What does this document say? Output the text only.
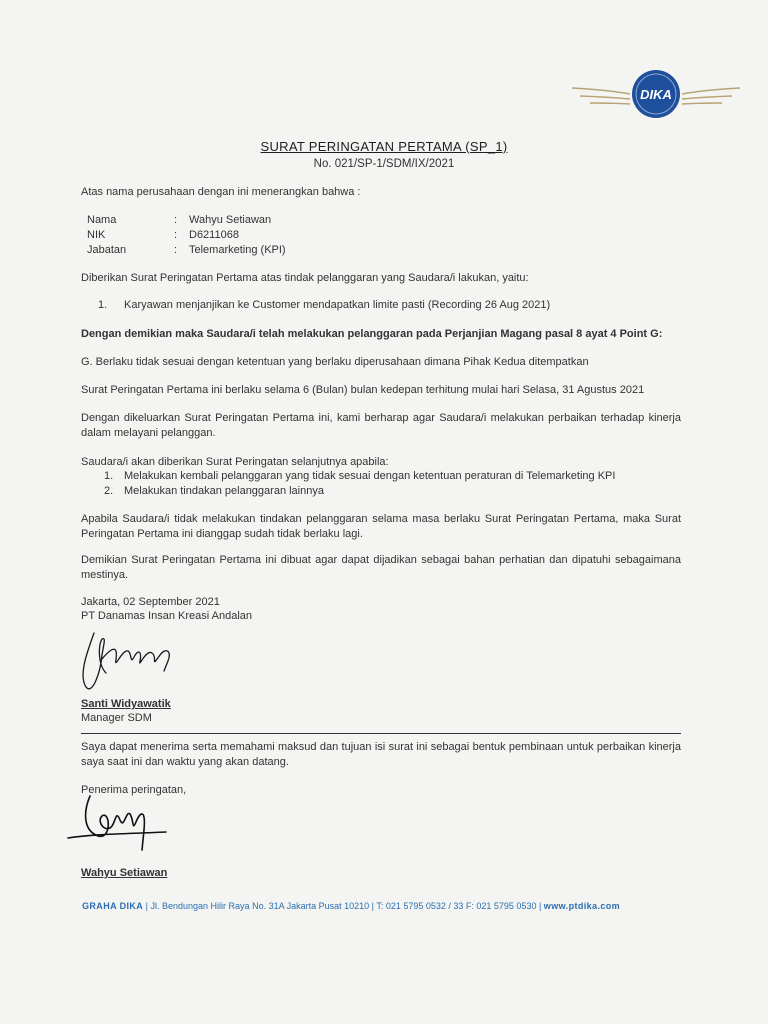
DIKA
SURAT PERINGATAN PERTAMA (SP_1)
No. 021/SP-1/SDM/IX/2021
Atas nama perusahaan dengan ini menerangkan bahwa :
Nama	: Wahyu Setiawan
NIK	: D6211068
Jabatan	: Telemarketing (KPI)
Diberikan Surat Peringatan Pertama atas tindak pelanggaran yang Saudara/i lakukan, yaitu:
1. Karyawan menjanjikan ke Customer mendapatkan limite pasti (Recording 26 Aug 2021)
Dengan demikian maka Saudara/i telah melakukan pelanggaran pada Perjanjian Magang pasal 8 ayat 4 Point G:
G. Berlaku tidak sesuai dengan ketentuan yang berlaku diperusahaan dimana Pihak Kedua ditempatkan
Surat Peringatan Pertama ini berlaku selama 6 (Bulan) bulan kedepan terhitung mulai hari Selasa, 31 Agustus 2021
Dengan dikeluarkan Surat Peringatan Pertama ini, kami berharap agar Saudara/i melakukan perbaikan terhadap kinerja dalam melayani pelanggan.
Saudara/i akan diberikan Surat Peringatan selanjutnya apabila:
1. Melakukan kembali pelanggaran yang tidak sesuai dengan ketentuan peraturan di Telemarketing KPI
2. Melakukan tindakan pelanggaran lainnya
Apabila Saudara/i tidak melakukan tindakan pelanggaran selama masa berlaku Surat Peringatan Pertama, maka Surat Peringatan Pertama ini dianggap sudah tidak berlaku lagi.
Demikian Surat Peringatan Pertama ini dibuat agar dapat dijadikan sebagai bahan perhatian dan dipatuhi sebagaimana mestinya.
Jakarta, 02 September 2021
PT Danamas Insan Kreasi Andalan
Santi Widyawatik
Manager SDM
Saya dapat menerima serta memahami maksud dan tujuan isi surat ini sebagai bentuk pembinaan untuk perbaikan kinerja saya saat ini dan waktu yang akan datang.
Penerima peringatan,
Wahyu Setiawan
GRAHA DIKA | Jl. Bendungan Hilir Raya No. 31A Jakarta Pusat 10210 | T: 021 5795 0532 / 33 F: 021 5795 0530 | www.ptdika.com
